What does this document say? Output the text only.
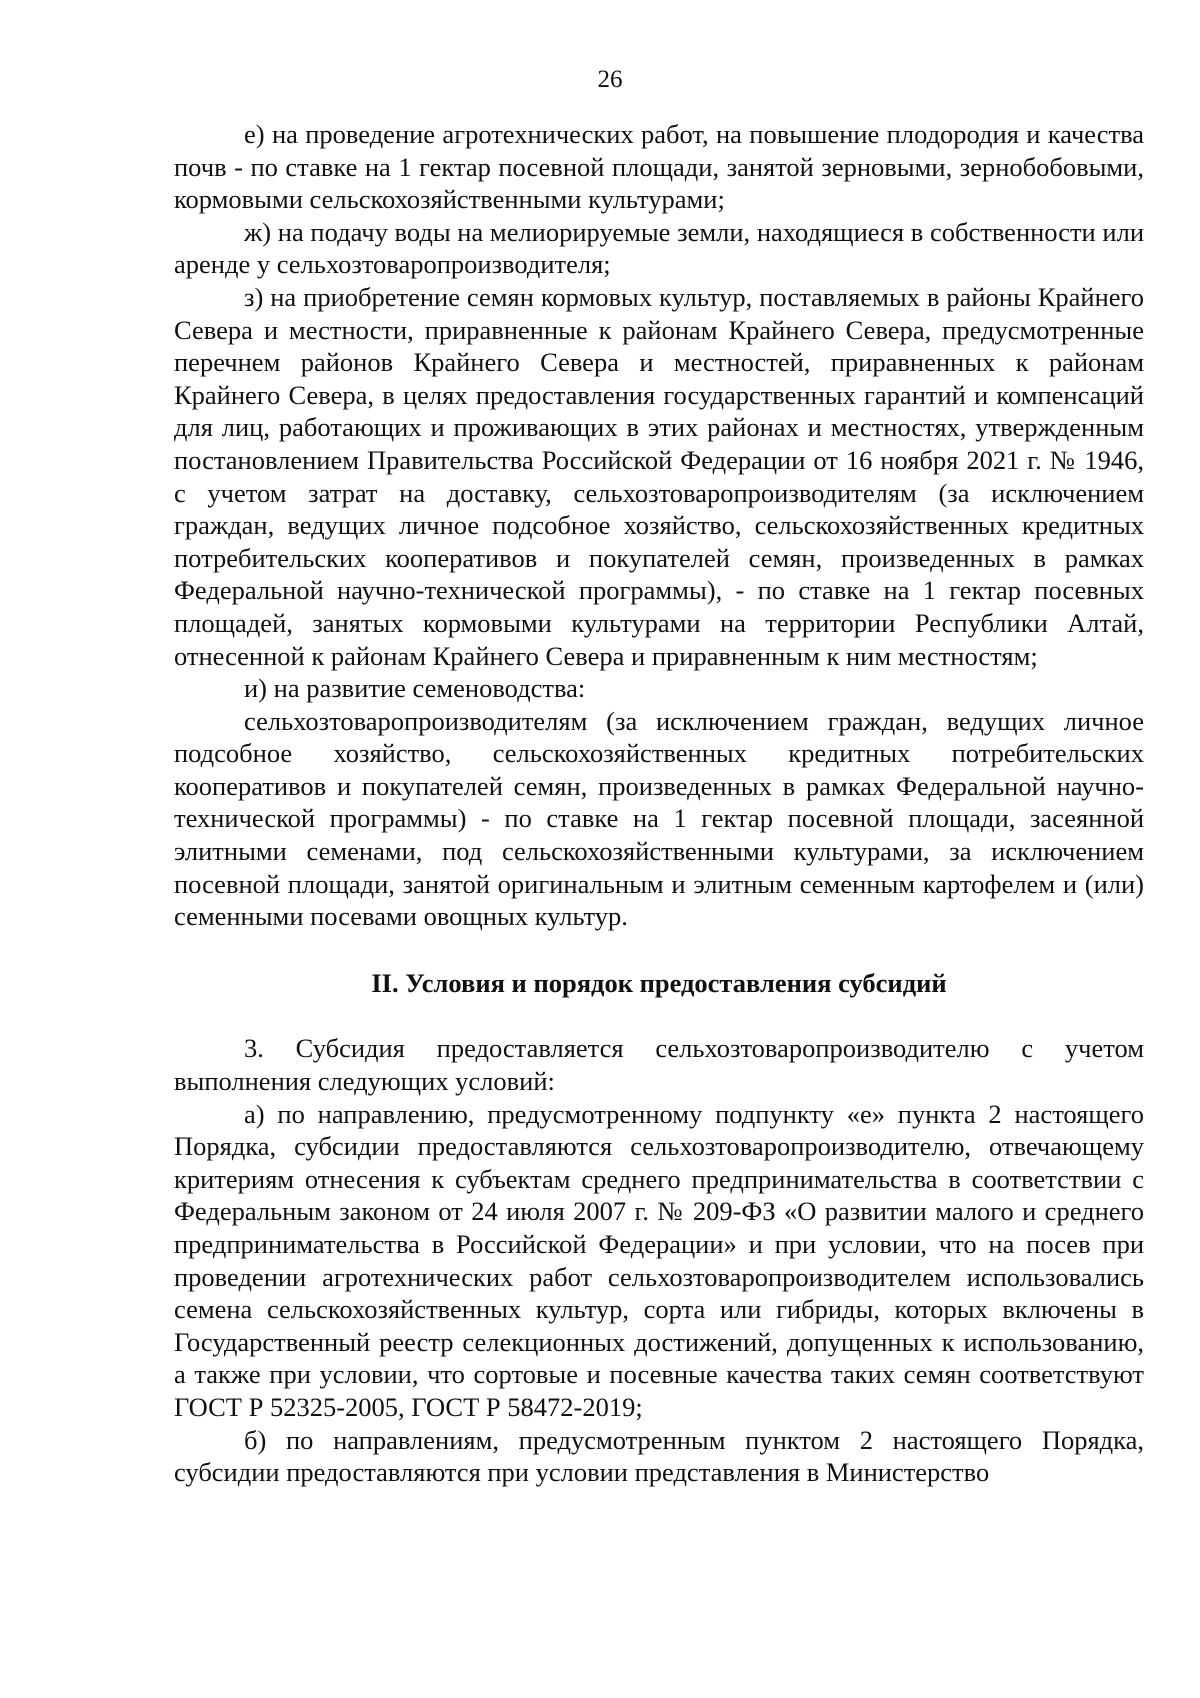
26

е) на проведение агротехнических работ, на повышение плодородия и качества почв - по ставке на 1 гектар посевной площади, занятой зерновыми, зернобобовыми, кормовыми сельскохозяйственными культурами;

ж) на подачу воды на мелиорируемые земли, находящиеся в собственности или аренде у сельхозтоваропроизводителя;

з) на приобретение семян кормовых культур, поставляемых в районы Крайнего Севера и местности, приравненные к районам Крайнего Севера, предусмотренные перечнем районов Крайнего Севера и местностей, приравненных к районам Крайнего Севера, в целях предоставления государственных гарантий и компенсаций для лиц, работающих и проживающих в этих районах и местностях, утвержденным постановлением Правительства Российской Федерации от 16 ноября 2021 г. № 1946, с учетом затрат на доставку, сельхозтоваропроизводителям (за исключением граждан, ведущих личное подсобное хозяйство, сельскохозяйственных кредитных потребительских кооперативов и покупателей семян, произведенных в рамках Федеральной научно-технической программы), - по ставке на 1 гектар посевных площадей, занятых кормовыми культурами на территории Республики Алтай, отнесенной к районам Крайнего Севера и приравненным к ним местностям;

и) на развитие семеноводства:

сельхозтоваропроизводителям (за исключением граждан, ведущих личное подсобное хозяйство, сельскохозяйственных кредитных потребительских кооперативов и покупателей семян, произведенных в рамках Федеральной научно-технической программы) - по ставке на 1 гектар посевной площади, засеянной элитными семенами, под сельскохозяйственными культурами, за исключением посевной площади, занятой оригинальным и элитным семенным картофелем и (или) семенными посевами овощных культур.

II. Условия и порядок предоставления субсидий

3. Субсидия предоставляется сельхозтоваропроизводителю с учетом выполнения следующих условий:

а) по направлению, предусмотренному подпункту «е» пункта 2 настоящего Порядка, субсидии предоставляются сельхозтоваропроизводителю, отвечающему критериям отнесения к субъектам среднего предпринимательства в соответствии с Федеральным законом от 24 июля 2007 г. № 209-ФЗ «О развитии малого и среднего предпринимательства в Российской Федерации» и при условии, что на посев при проведении агротехнических работ сельхозтоваропроизводителем использовались семена сельскохозяйственных культур, сорта или гибриды, которых включены в Государственный реестр селекционных достижений, допущенных к использованию, а также при условии, что сортовые и посевные качества таких семян соответствуют ГОСТ Р 52325-2005, ГОСТ Р 58472-2019;

б) по направлениям, предусмотренным пунктом 2 настоящего Порядка, субсидии предоставляются при условии представления в Министерство
